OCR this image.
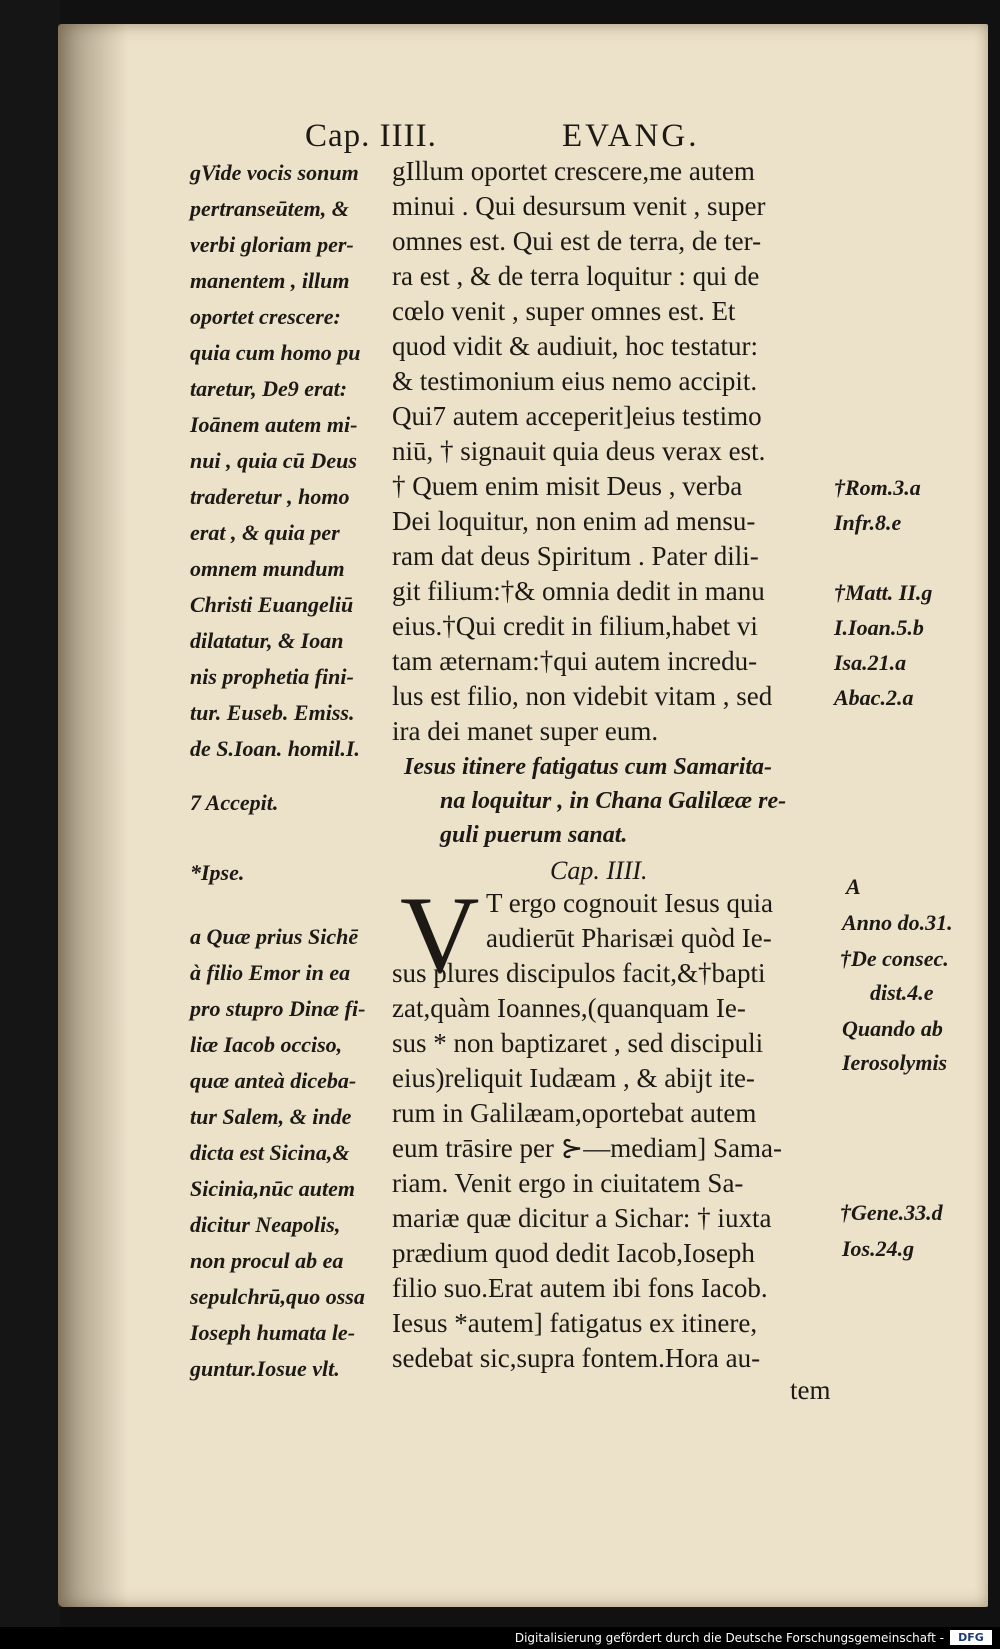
Cap. IIII.	EVANG.
gVide vocis sonum
pertranseūtem, &
verbi gloriam per-
manentem , illum
oportet crescere:
quia cum homo pu
taretur, De9 erat:
Ioānem autem mi-
nui , quia cū Deus
traderetur , homo
erat , & quia per
omnem mundum
Christi Euangeliū
dilatatur, & Ioan
nis prophetia fini-
tur. Euseb. Emiss.
de S.Ioan. homil.I.
7 Accepit.
*Ipse.
a Quæ prius Sichē
à filio Emor in ea
pro stupro Dinæ fi-
liæ Iacob occiso,
quæ anteà diceba-
tur Salem, & inde
dicta est Sicina,&
Sicinia,nūc autem
dicitur Neapolis,
non procul ab ea
sepulchrū,quo ossa
Ioseph humata le-
guntur.Iosue vlt.
gIllum oportet crescere,me autem
minui . Qui desursum venit , super
omnes est. Qui est de terra, de ter-
ra est , & de terra loquitur : qui de
cœlo venit , super omnes est. Et
quod vidit & audiuit, hoc testatur:
& testimonium eius nemo accipit.
Qui7 autem acceperit]eius testimo
niū, † signauit quia deus verax est.
† Quem enim misit Deus , verba
Dei loquitur, non enim ad mensu-
ram dat deus Spiritum . Pater dili-
git filium:†& omnia dedit in manu
eius.†Qui credit in filium,habet vi
tam æternam:†qui autem incredu-
lus est filio, non videbit vitam , sed
ira dei manet super eum.
†Rom.3.a
Infr.8.e
†Matt. II.g
I.Ioan.5.b
Isa.21.a
Abac.2.a
Iesus itinere fatigatus cum Samarita-
na loquitur , in Chana Galilææ re-
guli puerum sanat.
Cap. IIII.
V T ergo cognouit Iesus quia
audierūt Pharisæi quòd Ie-
sus plures discipulos facit,&†bapti
zat,quàm Ioannes,(quanquam Ie-
sus * non baptizaret , sed discipuli
eius)reliquit Iudæam , & abijt ite-
rum in Galilæam,oportebat autem
eum trāsire per ⊱—mediam] Sama-
riam. Venit ergo in ciuitatem Sa-
mariæ quæ dicitur a Sichar: † iuxta
prædium quod dedit Iacob,Ioseph
filio suo.Erat autem ibi fons Iacob.
Iesus *autem] fatigatus ex itinere,
sedebat sic,supra fontem.Hora au-
tem
A
Anno do.31.
†De consec.
dist.4.e
Quando ab
Ierosolymis
†Gene.33.d
Ios.24.g
Digitalisierung gefördert durch die Deutsche Forschungsgemeinschaft -	DFG
